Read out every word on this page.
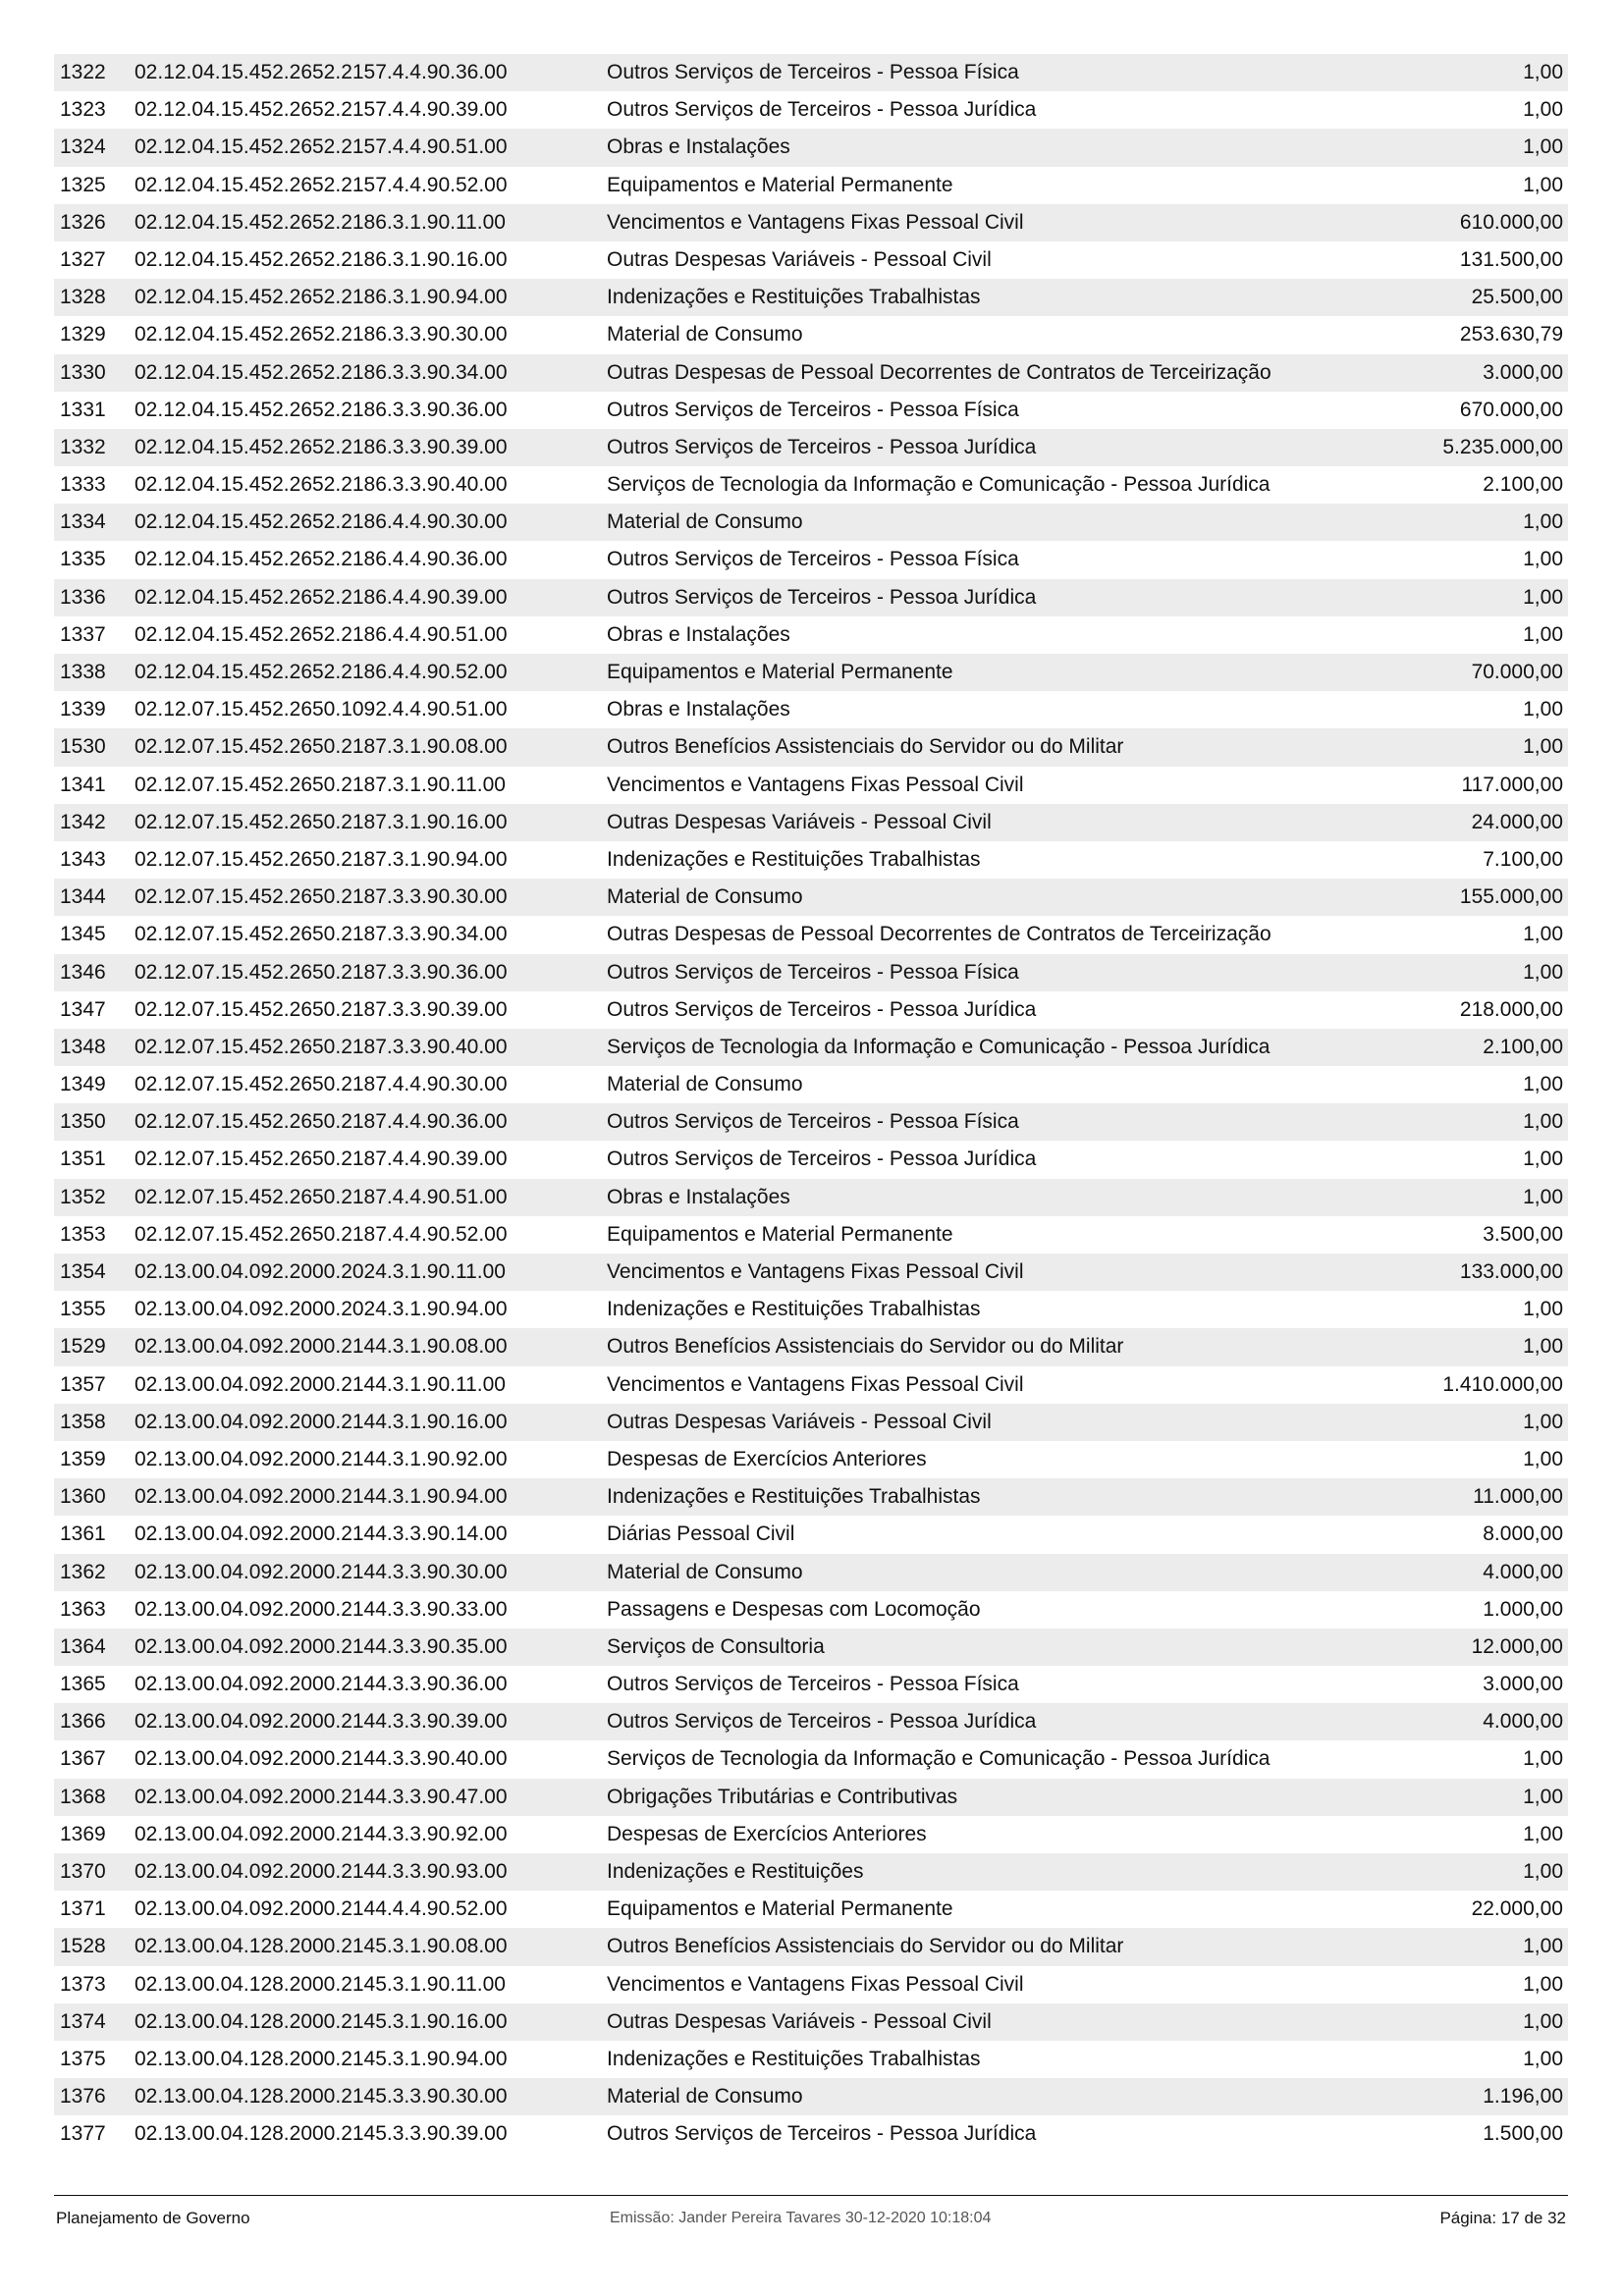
1322 02.12.04.15.452.2652.2157.4.4.90.36.00	Outros Serviços de Terceiros - Pessoa Física	1,00
1323 02.12.04.15.452.2652.2157.4.4.90.39.00	Outros Serviços de Terceiros - Pessoa Jurídica	1,00
1324 02.12.04.15.452.2652.2157.4.4.90.51.00	Obras e Instalações	1,00
1325 02.12.04.15.452.2652.2157.4.4.90.52.00	Equipamentos e Material Permanente	1,00
1326 02.12.04.15.452.2652.2186.3.1.90.11.00	Vencimentos e Vantagens Fixas Pessoal Civil	610.000,00
1327 02.12.04.15.452.2652.2186.3.1.90.16.00	Outras Despesas Variáveis - Pessoal Civil	131.500,00
1328 02.12.04.15.452.2652.2186.3.1.90.94.00	Indenizações e Restituições Trabalhistas	25.500,00
1329 02.12.04.15.452.2652.2186.3.3.90.30.00	Material de Consumo	253.630,79
1330 02.12.04.15.452.2652.2186.3.3.90.34.00	Outras Despesas de Pessoal Decorrentes de Contratos de Terceirização	3.000,00
1331 02.12.04.15.452.2652.2186.3.3.90.36.00	Outros Serviços de Terceiros - Pessoa Física	670.000,00
1332 02.12.04.15.452.2652.2186.3.3.90.39.00	Outros Serviços de Terceiros - Pessoa Jurídica	5.235.000,00
1333 02.12.04.15.452.2652.2186.3.3.90.40.00	Serviços de Tecnologia da Informação e Comunicação - Pessoa Jurídica	2.100,00
1334 02.12.04.15.452.2652.2186.4.4.90.30.00	Material de Consumo	1,00
1335 02.12.04.15.452.2652.2186.4.4.90.36.00	Outros Serviços de Terceiros - Pessoa Física	1,00
1336 02.12.04.15.452.2652.2186.4.4.90.39.00	Outros Serviços de Terceiros - Pessoa Jurídica	1,00
1337 02.12.04.15.452.2652.2186.4.4.90.51.00	Obras e Instalações	1,00
1338 02.12.04.15.452.2652.2186.4.4.90.52.00	Equipamentos e Material Permanente	70.000,00
1339 02.12.07.15.452.2650.1092.4.4.90.51.00	Obras e Instalações	1,00
1530 02.12.07.15.452.2650.2187.3.1.90.08.00	Outros Benefícios Assistenciais do Servidor ou do Militar	1,00
1341 02.12.07.15.452.2650.2187.3.1.90.11.00	Vencimentos e Vantagens Fixas Pessoal Civil	117.000,00
1342 02.12.07.15.452.2650.2187.3.1.90.16.00	Outras Despesas Variáveis - Pessoal Civil	24.000,00
1343 02.12.07.15.452.2650.2187.3.1.90.94.00	Indenizações e Restituições Trabalhistas	7.100,00
1344 02.12.07.15.452.2650.2187.3.3.90.30.00	Material de Consumo	155.000,00
1345 02.12.07.15.452.2650.2187.3.3.90.34.00	Outras Despesas de Pessoal Decorrentes de Contratos de Terceirização	1,00
1346 02.12.07.15.452.2650.2187.3.3.90.36.00	Outros Serviços de Terceiros - Pessoa Física	1,00
1347 02.12.07.15.452.2650.2187.3.3.90.39.00	Outros Serviços de Terceiros - Pessoa Jurídica	218.000,00
1348 02.12.07.15.452.2650.2187.3.3.90.40.00	Serviços de Tecnologia da Informação e Comunicação - Pessoa Jurídica	2.100,00
1349 02.12.07.15.452.2650.2187.4.4.90.30.00	Material de Consumo	1,00
1350 02.12.07.15.452.2650.2187.4.4.90.36.00	Outros Serviços de Terceiros - Pessoa Física	1,00
1351 02.12.07.15.452.2650.2187.4.4.90.39.00	Outros Serviços de Terceiros - Pessoa Jurídica	1,00
1352 02.12.07.15.452.2650.2187.4.4.90.51.00	Obras e Instalações	1,00
1353 02.12.07.15.452.2650.2187.4.4.90.52.00	Equipamentos e Material Permanente	3.500,00
1354 02.13.00.04.092.2000.2024.3.1.90.11.00	Vencimentos e Vantagens Fixas Pessoal Civil	133.000,00
1355 02.13.00.04.092.2000.2024.3.1.90.94.00	Indenizações e Restituições Trabalhistas	1,00
1529 02.13.00.04.092.2000.2144.3.1.90.08.00	Outros Benefícios Assistenciais do Servidor ou do Militar	1,00
1357 02.13.00.04.092.2000.2144.3.1.90.11.00	Vencimentos e Vantagens Fixas Pessoal Civil	1.410.000,00
1358 02.13.00.04.092.2000.2144.3.1.90.16.00	Outras Despesas Variáveis - Pessoal Civil	1,00
1359 02.13.00.04.092.2000.2144.3.1.90.92.00	Despesas de Exercícios Anteriores	1,00
1360 02.13.00.04.092.2000.2144.3.1.90.94.00	Indenizações e Restituições Trabalhistas	11.000,00
1361 02.13.00.04.092.2000.2144.3.3.90.14.00	Diárias Pessoal Civil	8.000,00
1362 02.13.00.04.092.2000.2144.3.3.90.30.00	Material de Consumo	4.000,00
1363 02.13.00.04.092.2000.2144.3.3.90.33.00	Passagens e Despesas com Locomoção	1.000,00
1364 02.13.00.04.092.2000.2144.3.3.90.35.00	Serviços de Consultoria	12.000,00
1365 02.13.00.04.092.2000.2144.3.3.90.36.00	Outros Serviços de Terceiros - Pessoa Física	3.000,00
1366 02.13.00.04.092.2000.2144.3.3.90.39.00	Outros Serviços de Terceiros - Pessoa Jurídica	4.000,00
1367 02.13.00.04.092.2000.2144.3.3.90.40.00	Serviços de Tecnologia da Informação e Comunicação - Pessoa Jurídica	1,00
1368 02.13.00.04.092.2000.2144.3.3.90.47.00	Obrigações Tributárias e Contributivas	1,00
1369 02.13.00.04.092.2000.2144.3.3.90.92.00	Despesas de Exercícios Anteriores	1,00
1370 02.13.00.04.092.2000.2144.3.3.90.93.00	Indenizações e Restituições	1,00
1371 02.13.00.04.092.2000.2144.4.4.90.52.00	Equipamentos e Material Permanente	22.000,00
1528 02.13.00.04.128.2000.2145.3.1.90.08.00	Outros Benefícios Assistenciais do Servidor ou do Militar	1,00
1373 02.13.00.04.128.2000.2145.3.1.90.11.00	Vencimentos e Vantagens Fixas Pessoal Civil	1,00
1374 02.13.00.04.128.2000.2145.3.1.90.16.00	Outras Despesas Variáveis - Pessoal Civil	1,00
1375 02.13.00.04.128.2000.2145.3.1.90.94.00	Indenizações e Restituições Trabalhistas	1,00
1376 02.13.00.04.128.2000.2145.3.3.90.30.00	Material de Consumo	1.196,00
1377 02.13.00.04.128.2000.2145.3.3.90.39.00	Outros Serviços de Terceiros - Pessoa Jurídica	1.500,00
Planejamento de Governo	Emissão: Jander Pereira Tavares 30-12-2020 10:18:04	Página: 17 de 32
